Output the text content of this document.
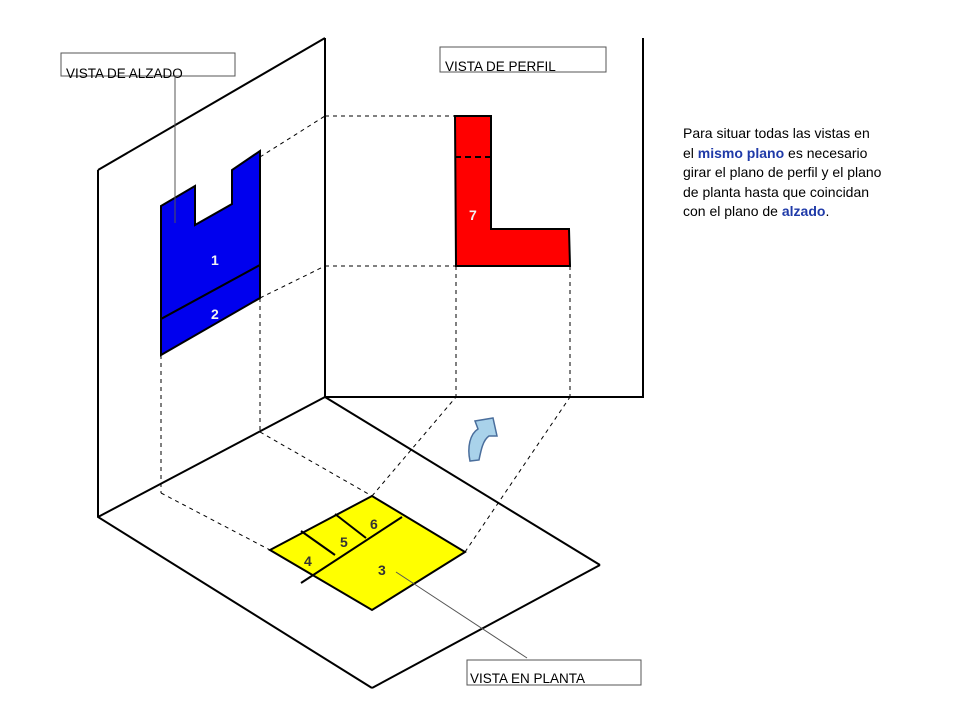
VISTA DE ALZADO	VISTA DE PERFIL
VISTA EN PLANTA
1
2
7
3
4
5
6
Para situar todas las vistas en el mismo plano es necesario girar el plano de perfil y el plano de planta hasta que coincidan con el plano de alzado.
